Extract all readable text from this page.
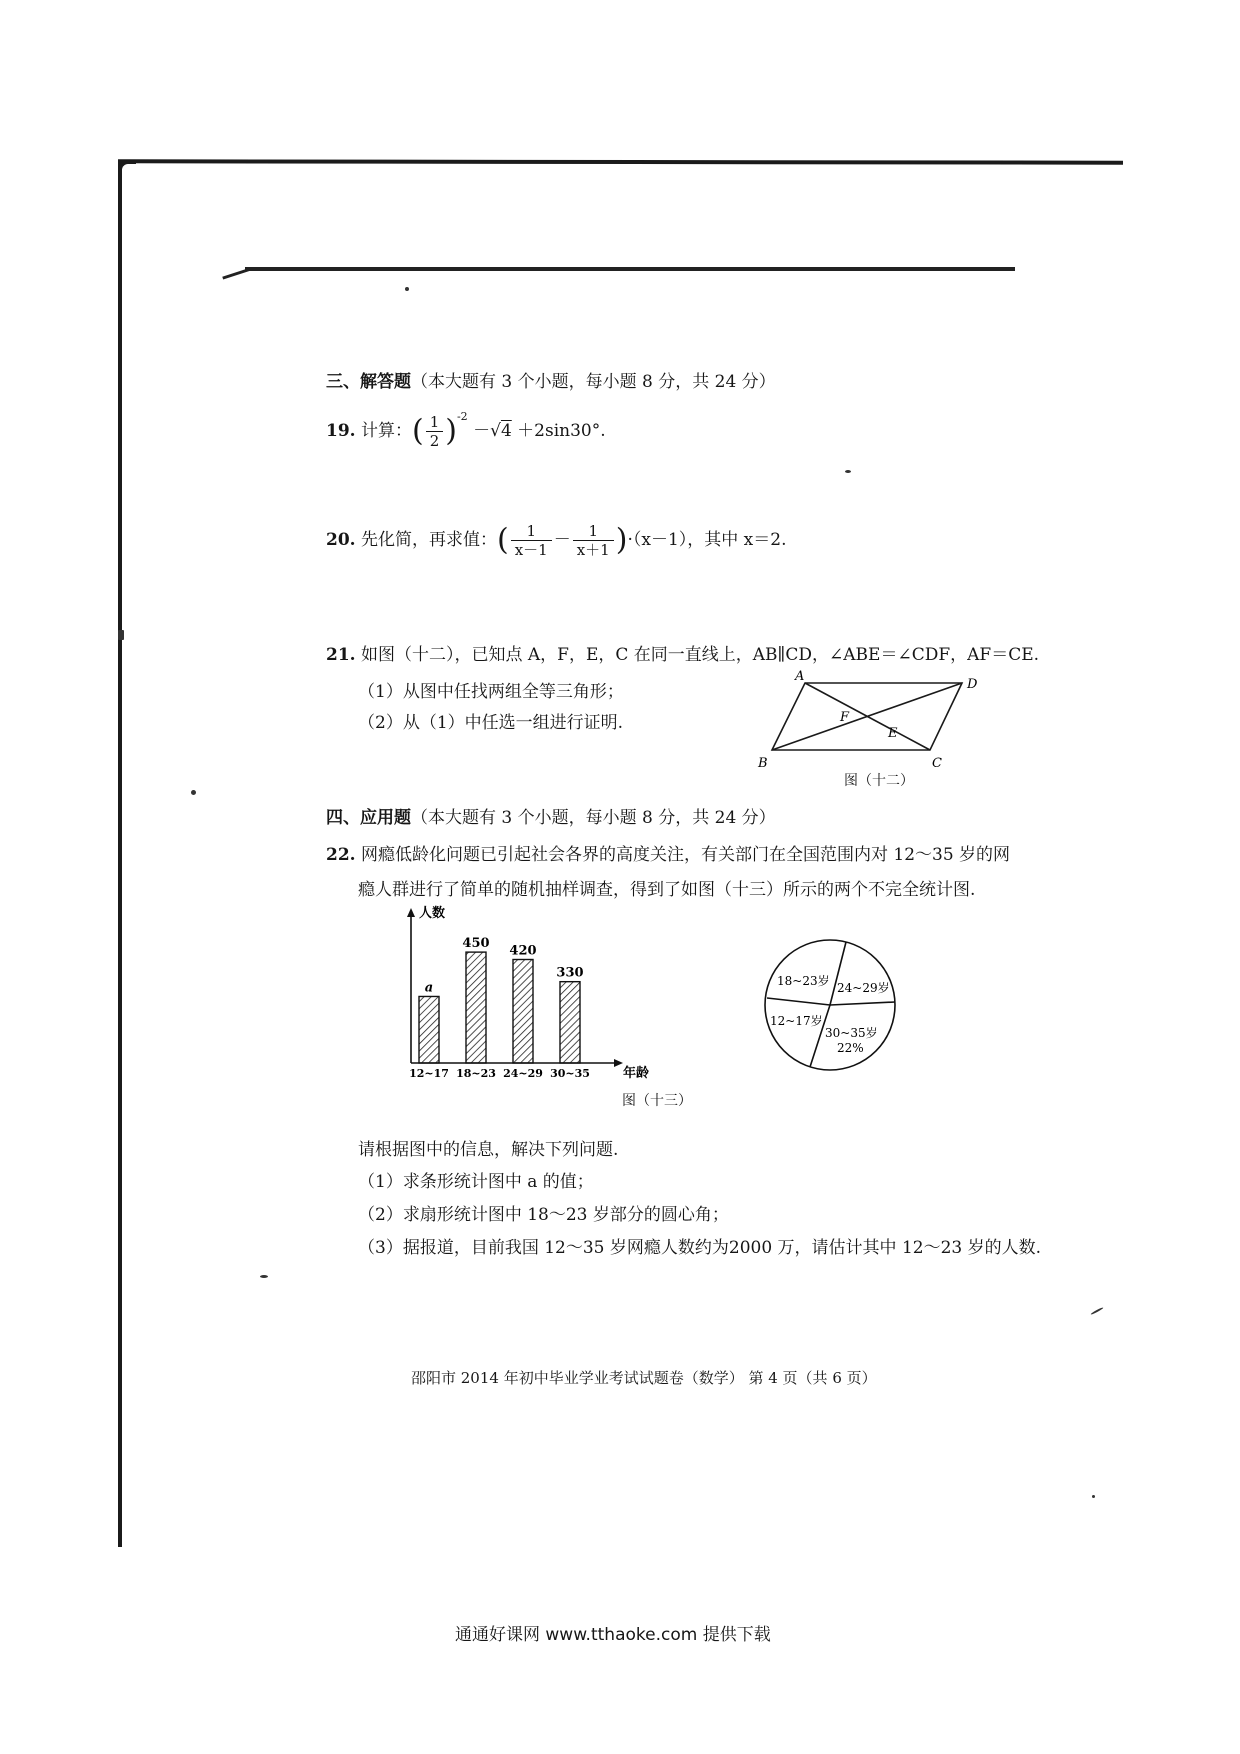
三、解答题（本大题有 3 个小题，每小题 8 分，共 24 分）
19. 计算：( $\frac{1}{2} )^{-2} -√4 +2\sin 30^\circ$.
20. 先化简，再求值：( $\frac{1}{x-1} - \frac{1}{x+1} )\cdot(x-1)$，其中 x＝2.
21. 如图（十二），已知点 A，F，E，C 在同一直线上，AB∥CD，∠ABE＝∠CDF，AF＝CE.
（1）从图中任找两组全等三角形；
（2）从（1）中任选一组进行证明.
A
D
B	C
F
E
图（十二）
四、应用题（本大题有 3 个小题，每小题 8 分，共 24 分）
22. 网瘾低龄化问题已引起社会各界的高度关注，有关部门在全国范围内对 12～35 岁的网
瘾人群进行了简单的随机抽样调查，得到了如图（十三）所示的两个不完全统计图.
人数
年龄
a
12~17
450
18~23
420
24~29
330
30~35
18~23岁 24~29岁
12~17岁
30~35岁
22%
图（十三）
请根据图中的信息，解决下列问题.
（1）求条形统计图中 a 的值；
（2）求扇形统计图中 18～23 岁部分的圆心角；
（3）据报道，目前我国 12～35 岁网瘾人数约为2000 万，请估计其中 12～23 岁的人数.
邵阳市 2014 年初中毕业学业考试试题卷（数学） 第 4 页（共 6 页）
通通好课网 www.tthaoke.com 提供下载
